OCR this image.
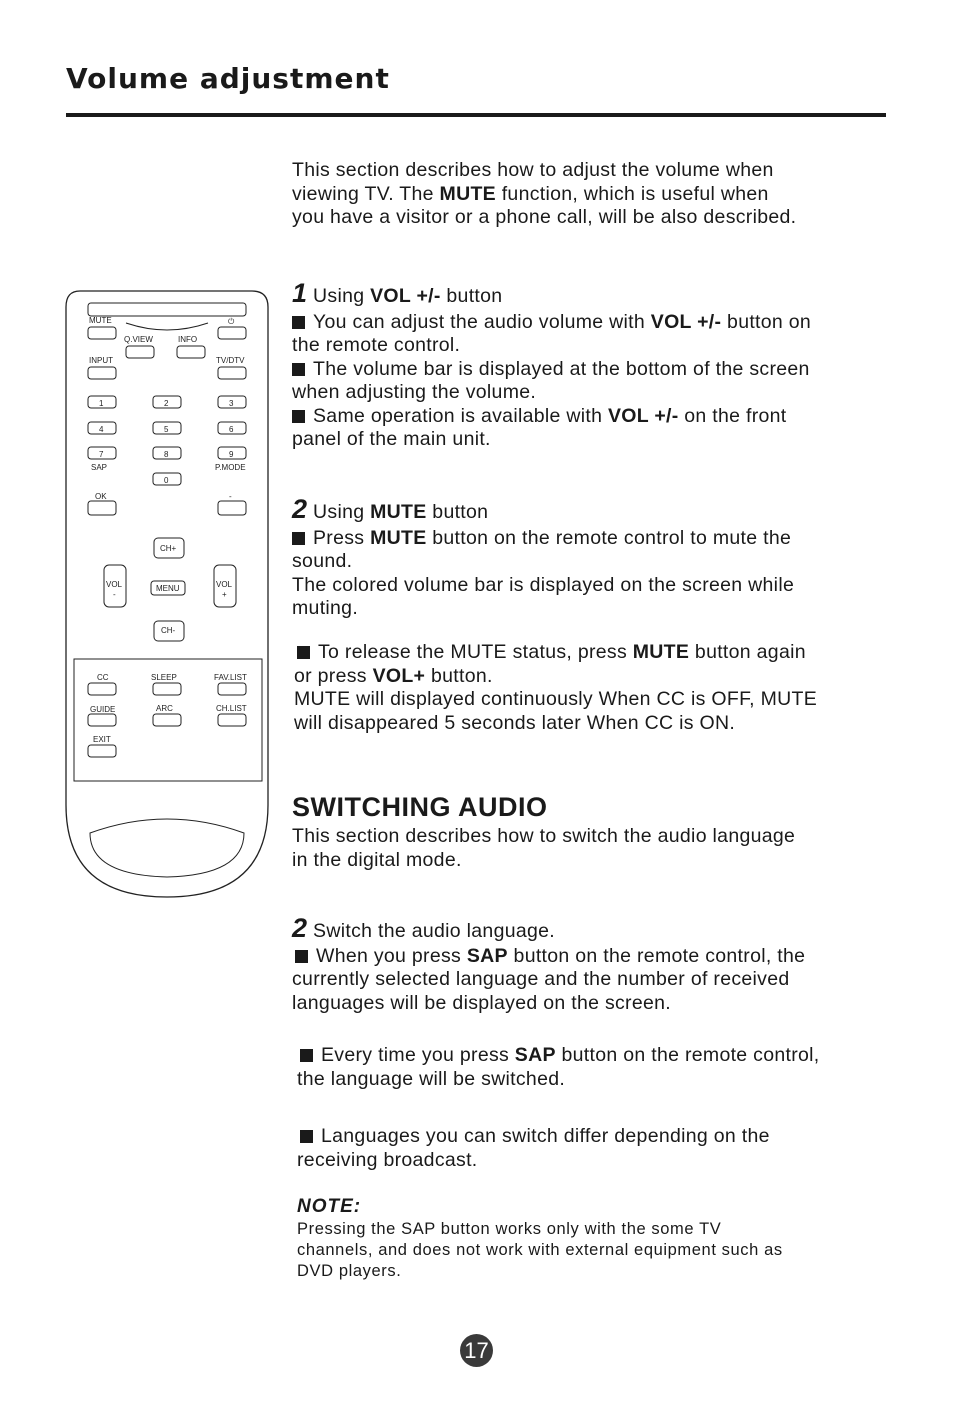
Volume adjustment
This section describes how to adjust the volume when
viewing TV. The MUTE function, which is useful when
you have a visitor or a phone call, will be also described.
1 Using VOL +/- button
You can adjust the audio volume with VOL +/- button on
the remote control.
The volume bar is displayed at the bottom of the screen
when adjusting the volume.
Same operation is available with VOL +/- on the front
panel of the main unit.
2 Using MUTE button
Press MUTE button on the remote control to mute the
sound.
The colored volume bar is displayed on the screen while
muting.
To release the MUTE status, press MUTE button again
or press VOL+ button.
MUTE will displayed continuously When CC is OFF, MUTE
will disappeared 5 seconds later When CC is ON.
SWITCHING AUDIO
This section describes how to switch the audio language
in the digital mode.
2 Switch the audio language.
When you press SAP button on the remote control, the
currently selected language and the number of received
languages will be displayed on the screen.
Every time you press SAP button on the remote control,
the language will be switched.
Languages you can switch differ depending on the
receiving broadcast.
NOTE:
Pressing the SAP button works only with the some TV
channels, and does not work with external equipment such as
DVD players.
17
MUTE	⏻
Q.VIEW	INFO
INPUT	TV/DTV
1	2	3
4	5	6
7	8	9
SAP	P.MODE
0
OK	-
CH+
VOL
-
MENU	VOL
+
CH-
CC	SLEEP	FAV.LIST
GUIDE	ARC	CH.LIST
EXIT
